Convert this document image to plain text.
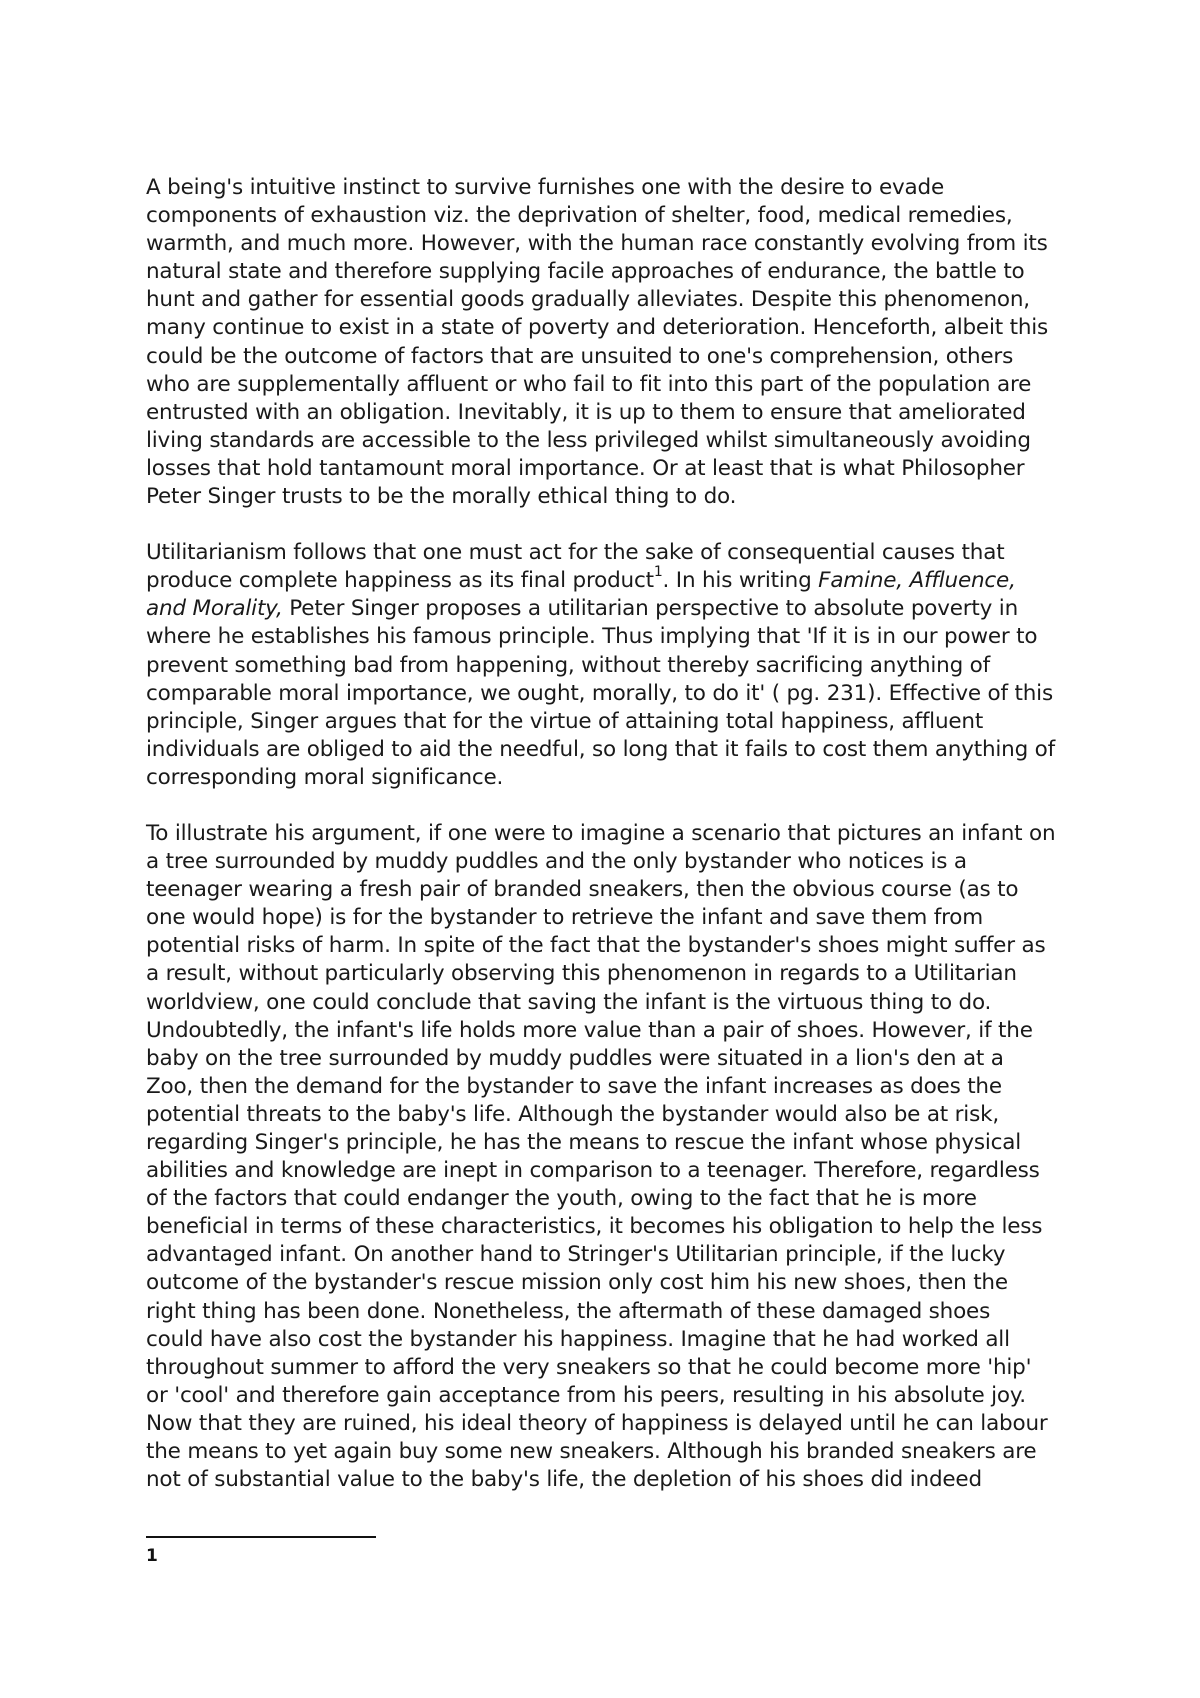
A being's intuitive instinct to survive furnishes one with the desire to evade
components of exhaustion viz. the deprivation of shelter, food, medical remedies,
warmth, and much more. However, with the human race constantly evolving from its
natural state and therefore supplying facile approaches of endurance, the battle to
hunt and gather for essential goods gradually alleviates. Despite this phenomenon,
many continue to exist in a state of poverty and deterioration. Henceforth, albeit this
could be the outcome of factors that are unsuited to one's comprehension, others
who are supplementally affluent or who fail to fit into this part of the population are
entrusted with an obligation. Inevitably, it is up to them to ensure that ameliorated
living standards are accessible to the less privileged whilst simultaneously avoiding
losses that hold tantamount moral importance. Or at least that is what Philosopher
Peter Singer trusts to be the morally ethical thing to do.
Utilitarianism follows that one must act for the sake of consequential causes that
produce complete happiness as its final product$^1$. In his writing Famine, Affluence,
and Morality, Peter Singer proposes a utilitarian perspective to absolute poverty in
where he establishes his famous principle. Thus implying that 'If it is in our power to
prevent something bad from happening, without thereby sacrificing anything of
comparable moral importance, we ought, morally, to do it' ( pg. 231). Effective of this
principle, Singer argues that for the virtue of attaining total happiness, affluent
individuals are obliged to aid the needful, so long that it fails to cost them anything of
corresponding moral significance.
To illustrate his argument, if one were to imagine a scenario that pictures an infant on
a tree surrounded by muddy puddles and the only bystander who notices is a
teenager wearing a fresh pair of branded sneakers, then the obvious course (as to
one would hope) is for the bystander to retrieve the infant and save them from
potential risks of harm. In spite of the fact that the bystander's shoes might suffer as
a result, without particularly observing this phenomenon in regards to a Utilitarian
worldview, one could conclude that saving the infant is the virtuous thing to do.
Undoubtedly, the infant's life holds more value than a pair of shoes. However, if the
baby on the tree surrounded by muddy puddles were situated in a lion's den at a
Zoo, then the demand for the bystander to save the infant increases as does the
potential threats to the baby's life. Although the bystander would also be at risk,
regarding Singer's principle, he has the means to rescue the infant whose physical
abilities and knowledge are inept in comparison to a teenager. Therefore, regardless
of the factors that could endanger the youth, owing to the fact that he is more
beneficial in terms of these characteristics, it becomes his obligation to help the less
advantaged infant. On another hand to Stringer's Utilitarian principle, if the lucky
outcome of the bystander's rescue mission only cost him his new shoes, then the
right thing has been done. Nonetheless, the aftermath of these damaged shoes
could have also cost the bystander his happiness. Imagine that he had worked all
throughout summer to afford the very sneakers so that he could become more 'hip'
or 'cool' and therefore gain acceptance from his peers, resulting in his absolute joy.
Now that they are ruined, his ideal theory of happiness is delayed until he can labour
the means to yet again buy some new sneakers. Although his branded sneakers are
not of substantial value to the baby's life, the depletion of his shoes did indeed
1
